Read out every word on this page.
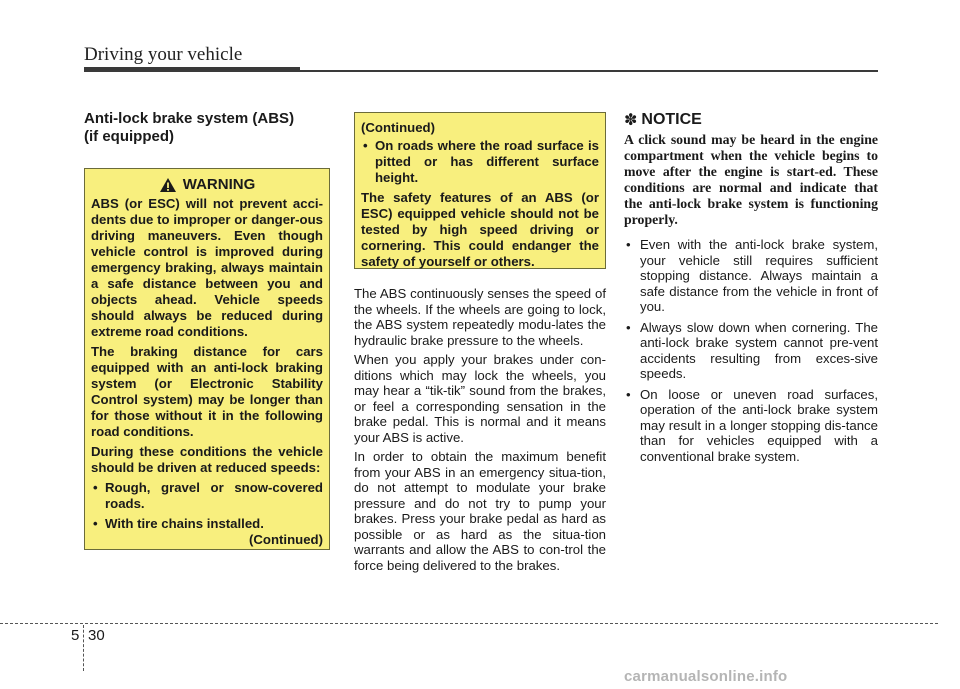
Driving your vehicle
Anti-lock brake system (ABS)
(if equipped)
WARNING

ABS (or ESC) will not prevent acci-dents due to improper or danger-ous driving maneuvers. Even though vehicle control is improved during emergency braking, always maintain a safe distance between you and objects ahead. Vehicle speeds should always be reduced during extreme road conditions.

The braking distance for cars equipped with an anti-lock braking system (or Electronic Stability Control system) may be longer than for those without it in the following road conditions.

During these conditions the vehicle should be driven at reduced speeds:

• Rough, gravel or snow-covered roads.
• With tire chains installed.
(Continued)

(Continued)

• On roads where the road surface is pitted or has different surface height.

The safety features of an ABS (or ESC) equipped vehicle should not be tested by high speed driving or cornering. This could endanger the safety of yourself or others.

The ABS continuously senses the speed of the wheels. If the wheels are going to lock, the ABS system repeatedly modu-lates the hydraulic brake pressure to the wheels.

When you apply your brakes under con-ditions which may lock the wheels, you may hear a “tik-tik” sound from the brakes, or feel a corresponding sensation in the brake pedal. This is normal and it means your ABS is active.

In order to obtain the maximum benefit from your ABS in an emergency situa-tion, do not attempt to modulate your brake pressure and do not try to pump your brakes. Press your brake pedal as hard as possible or as hard as the situa-tion warrants and allow the ABS to con-trol the force being delivered to the brakes.

✽ NOTICE

A click sound may be heard in the engine compartment when the vehicle begins to move after the engine is start-ed. These conditions are normal and indicate that the anti-lock brake system is functioning properly.

• Even with the anti-lock brake system, your vehicle still requires sufficient stopping distance. Always maintain a safe distance from the vehicle in front of you.
• Always slow down when cornering. The anti-lock brake system cannot pre-vent accidents resulting from exces-sive speeds.
• On loose or uneven road surfaces, operation of the anti-lock brake system may result in a longer stopping dis-tance than for vehicles equipped with a conventional brake system.
5 30
carmanualsonline.info
